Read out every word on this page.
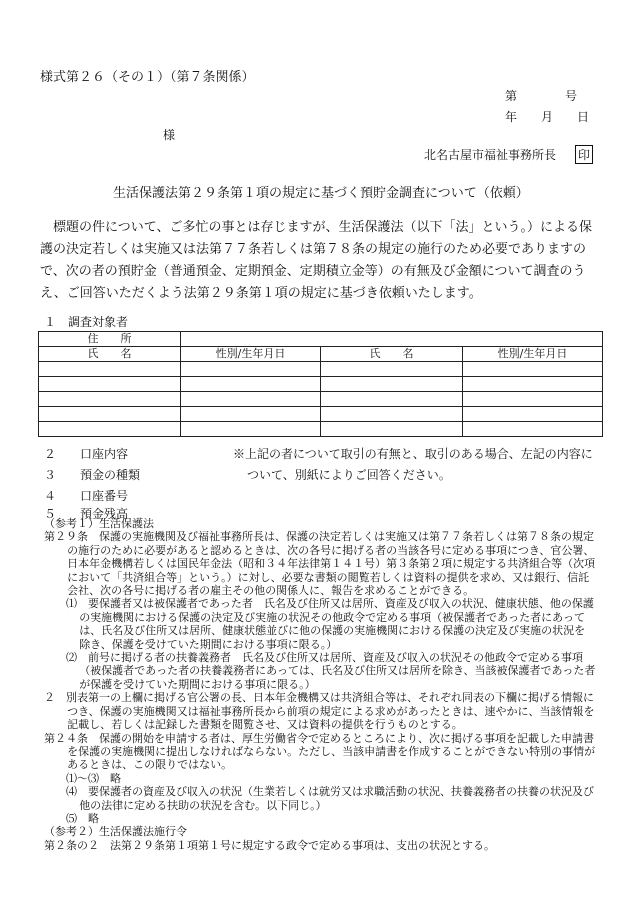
様式第２６（その１）（第７条関係）
第　　　　号
年　　月　　日
様
北名古屋市福祉事務所長 印
生活保護法第２９条第１項の規定に基づく預貯金調査について（依頼）
標題の件について、ご多忙の事とは存じますが、生活保護法（以下「法」という。）による保護の決定若しくは実施又は法第７７条若しくは第７８条の規定の施行のため必要でありますので、次の者の預貯金（普通預金、定期預金、定期積立金等）の有無及び金額について調査のうえ、ご回答いただくよう法第２９条第１項の規定に基づき依頼いたします。
１　調査対象者
住　　所			
氏　　名	性別/生年月日	氏　　名	性別/生年月日

２　　口座内容
３　　預金の種類
４　　口座番号
５　　預金残高
※上記の者について取引の有無と、取引のある場合、左記の内容に
ついて、別紙によりご回答ください。
（参考１）生活保護法
第２９条　保護の実施機関及び福祉事務所長は、保護の決定若しくは実施又は第７７条若しくは第７８条の規定の施行のために必要があると認めるときは、次の各号に掲げる者の当該各号に定める事項につき、官公署、日本年金機構若しくは国民年金法（昭和３４年法律第１４１号）第３条第２項に規定する共済組合等（次項において「共済組合等」という。）に対し、必要な書類の閲覧若しくは資料の提供を求め、又は銀行、信託会社、次の各号に掲げる者の雇主その他の関係人に、報告を求めることができる。
⑴　要保護者又は被保護者であった者　氏名及び住所又は居所、資産及び収入の状況、健康状態、他の保護の実施機関における保護の決定及び実施の状況その他政令で定める事項（被保護者であった者にあっては、氏名及び住所又は居所、健康状態並びに他の保護の実施機関における保護の決定及び実施の状況を除き、保護を受けていた期間における事項に限る。）
⑵　前号に掲げる者の扶養義務者　氏名及び住所又は居所、資産及び収入の状況その他政令で定める事項（被保護者であった者の扶養義務者にあっては、氏名及び住所又は居所を除き、当該被保護者であった者が保護を受けていた期間における事項に限る。）
２　別表第一の上欄に掲げる官公署の長、日本年金機構又は共済組合等は、それぞれ同表の下欄に掲げる情報につき、保護の実施機関又は福祉事務所長から前項の規定による求めがあったときは、速やかに、当該情報を記載し、若しくは記録した書類を閲覧させ、又は資料の提供を行うものとする。
第２４条　保護の開始を申請する者は、厚生労働省令で定めるところにより、次に掲げる事項を記載した申請書を保護の実施機関に提出しなければならない。ただし、当該申請書を作成することができない特別の事情があるときは、この限りではない。
⑴～⑶　略
⑷　要保護者の資産及び収入の状況（生業若しくは就労又は求職活動の状況、扶養義務者の扶養の状況及び他の法律に定める扶助の状況を含む。以下同じ。）
⑸　略
（参考２）生活保護法施行令
第２条の２　法第２９条第１項第１号に規定する政令で定める事項は、支出の状況とする。
